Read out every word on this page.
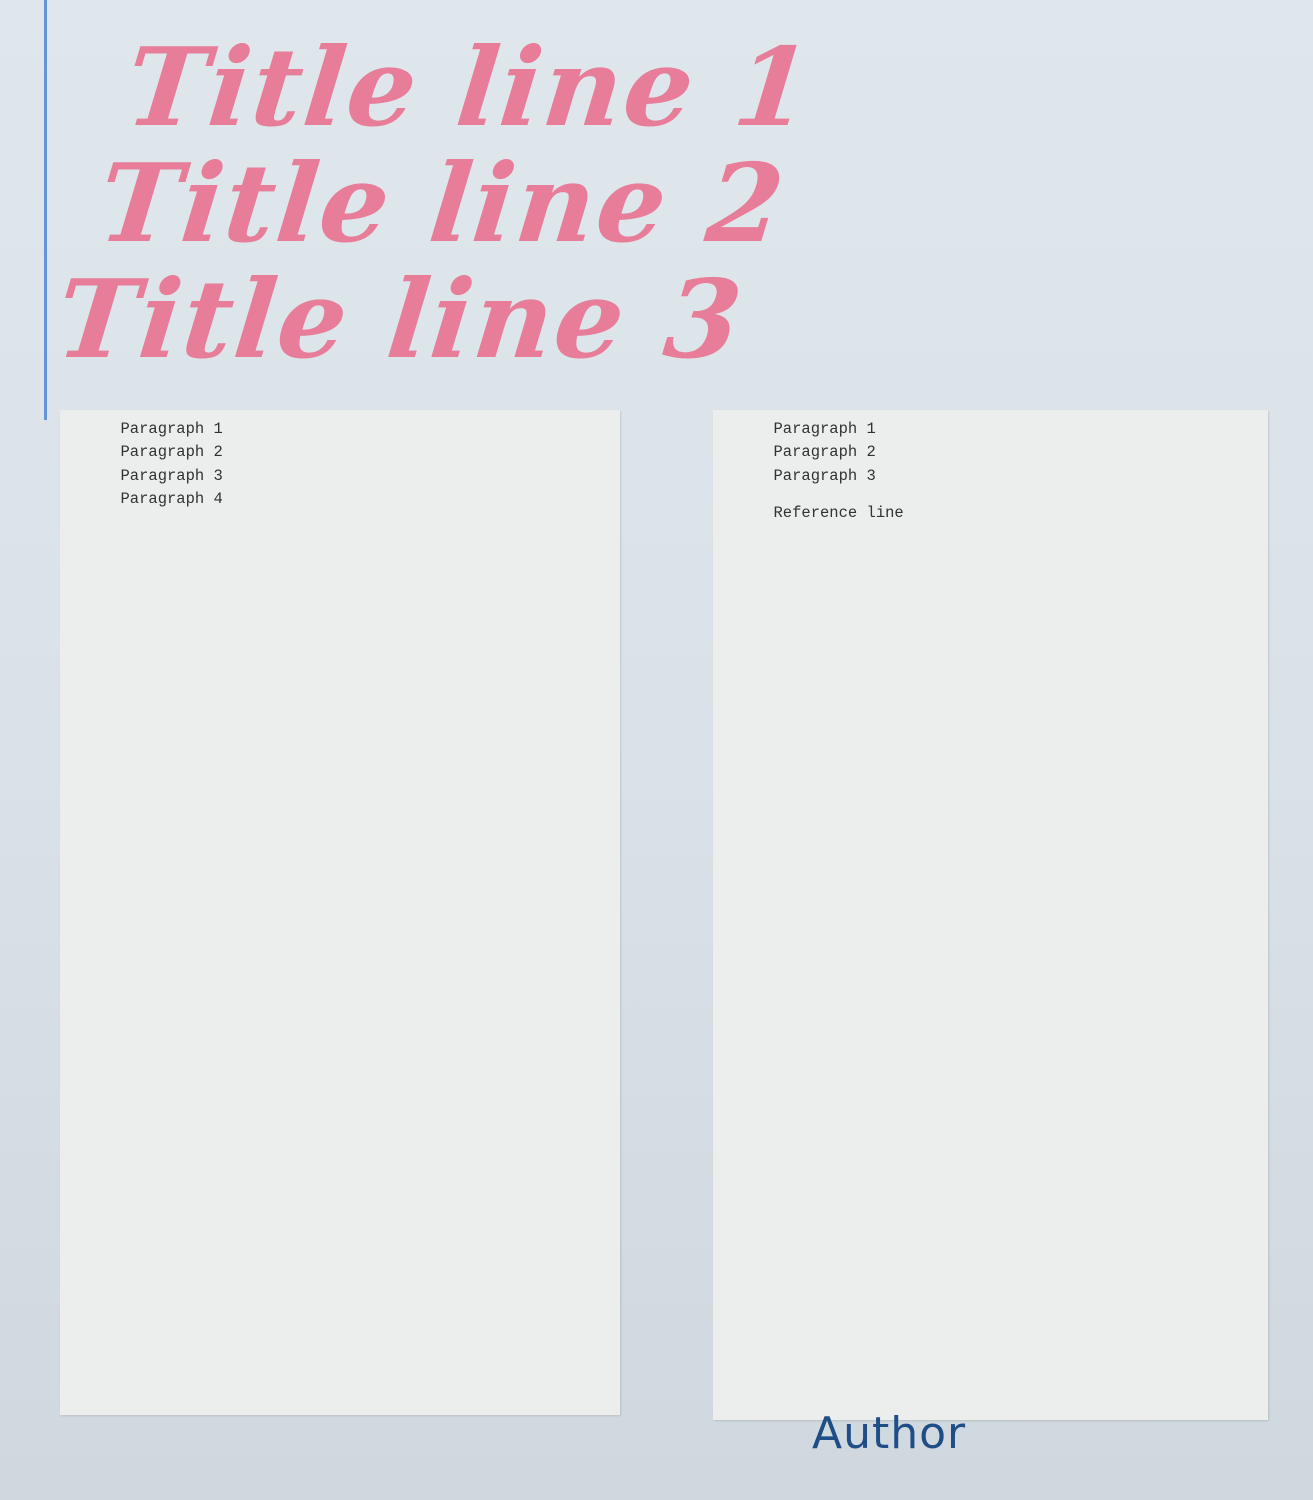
Title line 1
Title line 2
Title line 3

Paragraph 1

Paragraph 2

Paragraph 3

Paragraph 4

Paragraph 1

Paragraph 2

Paragraph 3

Reference line

Author
